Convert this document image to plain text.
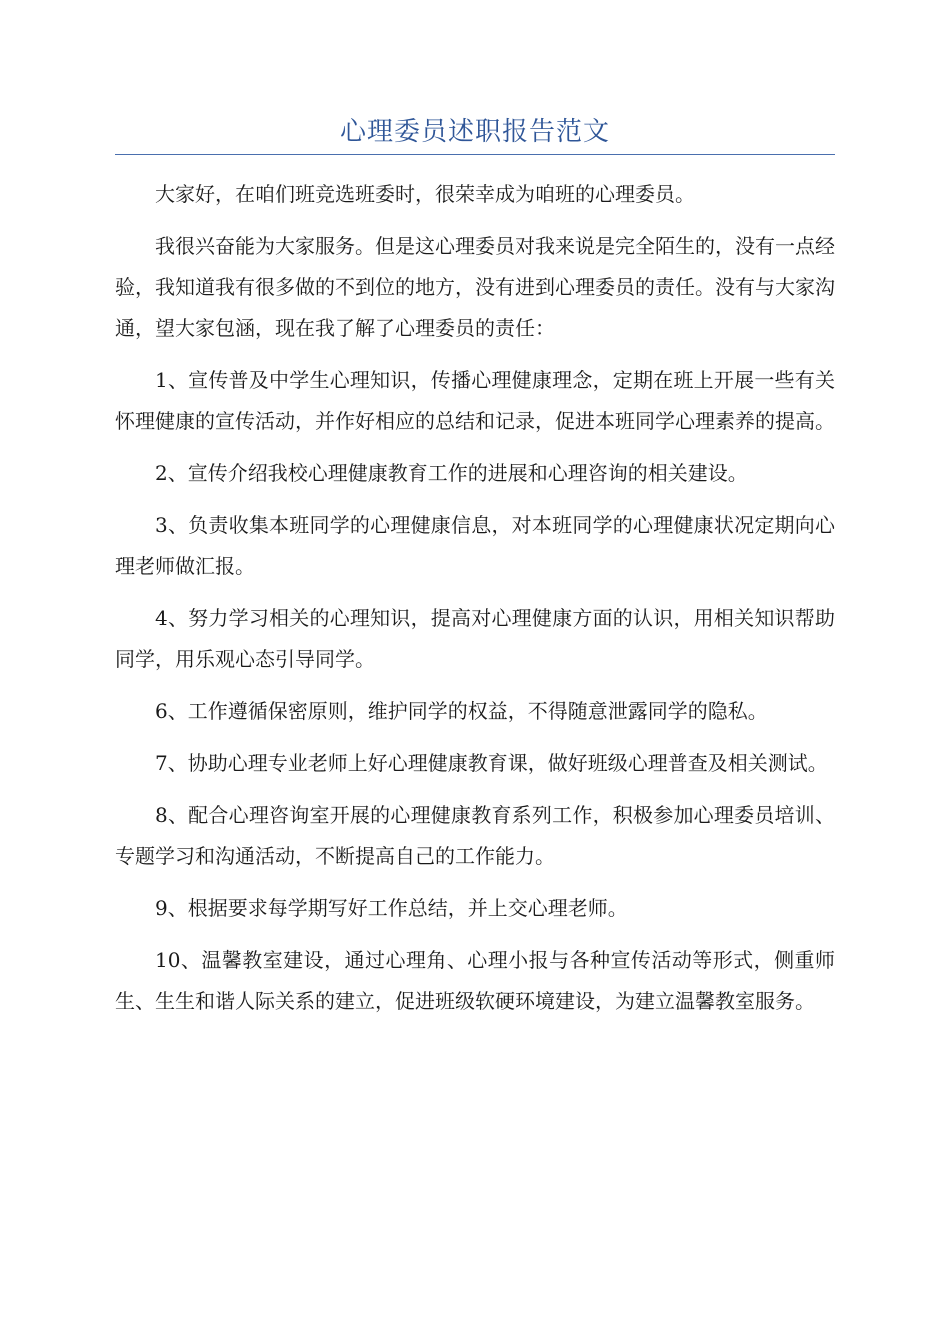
心理委员述职报告范文

大家好，在咱们班竞选班委时，很荣幸成为咱班的心理委员。

我很兴奋能为大家服务。但是这心理委员对我来说是完全陌生的，没有一点经验，我知道我有很多做的不到位的地方，没有进到心理委员的责任。没有与大家沟通，望大家包涵，现在我了解了心理委员的责任：

1、宣传普及中学生心理知识，传播心理健康理念，定期在班上开展一些有关怀理健康的宣传活动，并作好相应的总结和记录，促进本班同学心理素养的提高。

2、宣传介绍我校心理健康教育工作的进展和心理咨询的相关建设。

3、负责收集本班同学的心理健康信息，对本班同学的心理健康状况定期向心理老师做汇报。

4、努力学习相关的心理知识，提高对心理健康方面的认识，用相关知识帮助同学，用乐观心态引导同学。

6、工作遵循保密原则，维护同学的权益，不得随意泄露同学的隐私。

7、协助心理专业老师上好心理健康教育课，做好班级心理普查及相关测试。

8、配合心理咨询室开展的心理健康教育系列工作，积极参加心理委员培训、专题学习和沟通活动，不断提高自己的工作能力。

9、根据要求每学期写好工作总结，并上交心理老师。

10、温馨教室建设，通过心理角、心理小报与各种宣传活动等形式，侧重师生、生生和谐人际关系的建立，促进班级软硬环境建设，为建立温馨教室服务。
